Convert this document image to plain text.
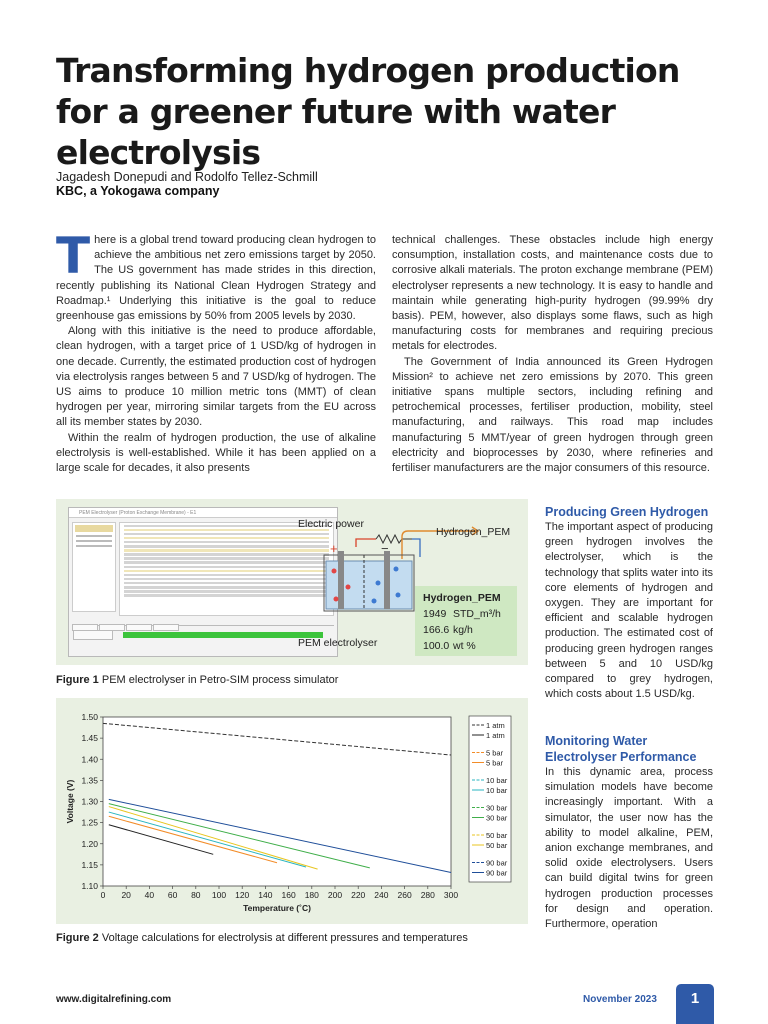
Transforming hydrogen production for a greener future with water electrolysis
Jagadesh Donepudi and Rodolfo Tellez-Schmill
KBC, a Yokogawa company
T here is a global trend toward producing clean hydrogen to achieve the ambitious net zero emissions target by 2050. The US government has made strides in this direction, recently publishing its National Clean Hydrogen Strategy and Roadmap.¹ Underlying this initiative is the goal to reduce greenhouse gas emissions by 50% from 2005 levels by 2030.

Along with this initiative is the need to produce affordable, clean hydrogen, with a target price of 1 USD/kg of hydrogen in one decade. Currently, the estimated production cost of hydrogen via electrolysis ranges between 5 and 7 USD/kg of hydrogen. The US aims to produce 10 million metric tons (MMT) of clean hydrogen per year, mirroring similar targets from the EU across all its member states by 2030.

Within the realm of hydrogen production, the use of alkaline electrolysis is well-established. While it has been applied on a large scale for decades, it also presents

technical challenges. These obstacles include high energy consumption, installation costs, and maintenance costs due to corrosive alkali materials. The proton exchange membrane (PEM) electrolyser represents a new technology. It is easy to handle and maintain while generating high-purity hydrogen (99.99% dry basis). PEM, however, also displays some flaws, such as high manufacturing costs for membranes and requiring precious metals for electrodes.

The Government of India announced its Green Hydrogen Mission² to achieve net zero emissions by 2070. This green initiative spans multiple sectors, including refining and petrochemical processes, fertiliser production, mobility, steel manufacturing, and railways. This road map includes manufacturing 5 MMT/year of green hydrogen through green electricity and bioprocesses by 2030, where refineries and fertiliser manufacturers are the major consumers of this resource.

PEM Electrolyser (Proton Exchange Membrane) - E1
Electric power
+	−
Hydrogen_PEM
PEM electrolyser
Hydrogen_PEM
1949 STD_m³/h
166.6 kg/h
100.0 wt %
Figure 1 PEM electrolyser in Petro-SIM process simulator
0 20 40 60 80 100 120 140 160 180 200 220 240 260 280 300
1.10
1.15
1.20
1.25
1.30
1.35
1.40
1.45
1.50
Temperature (˚C)
Voltage (V)
1 atm
1 atm
5 bar
5 bar
10 bar
10 bar
30 bar
30 bar
50 bar
50 bar
90 bar
90 bar
Figure 2 Voltage calculations for electrolysis at different pressures and temperatures
Producing Green Hydrogen
The important aspect of producing green hydrogen involves the electrolyser, which is the technology that splits water into its core elements of hydrogen and oxygen. They are important for efficient and scalable hydrogen production. The estimated cost of producing green hydrogen ranges between 5 and 10 USD/kg compared to grey hydrogen, which costs about 1.5 USD/kg.
Monitoring Water Electrolyser Performance
In this dynamic area, process simulation models have become increasingly important. With a simulator, the user now has the ability to model alkaline, PEM, anion exchange membranes, and solid oxide electrolysers. Users can build digital twins for green hydrogen production processes for design and operation. Furthermore, operation
www.digitalrefining.com	November 2023	1
